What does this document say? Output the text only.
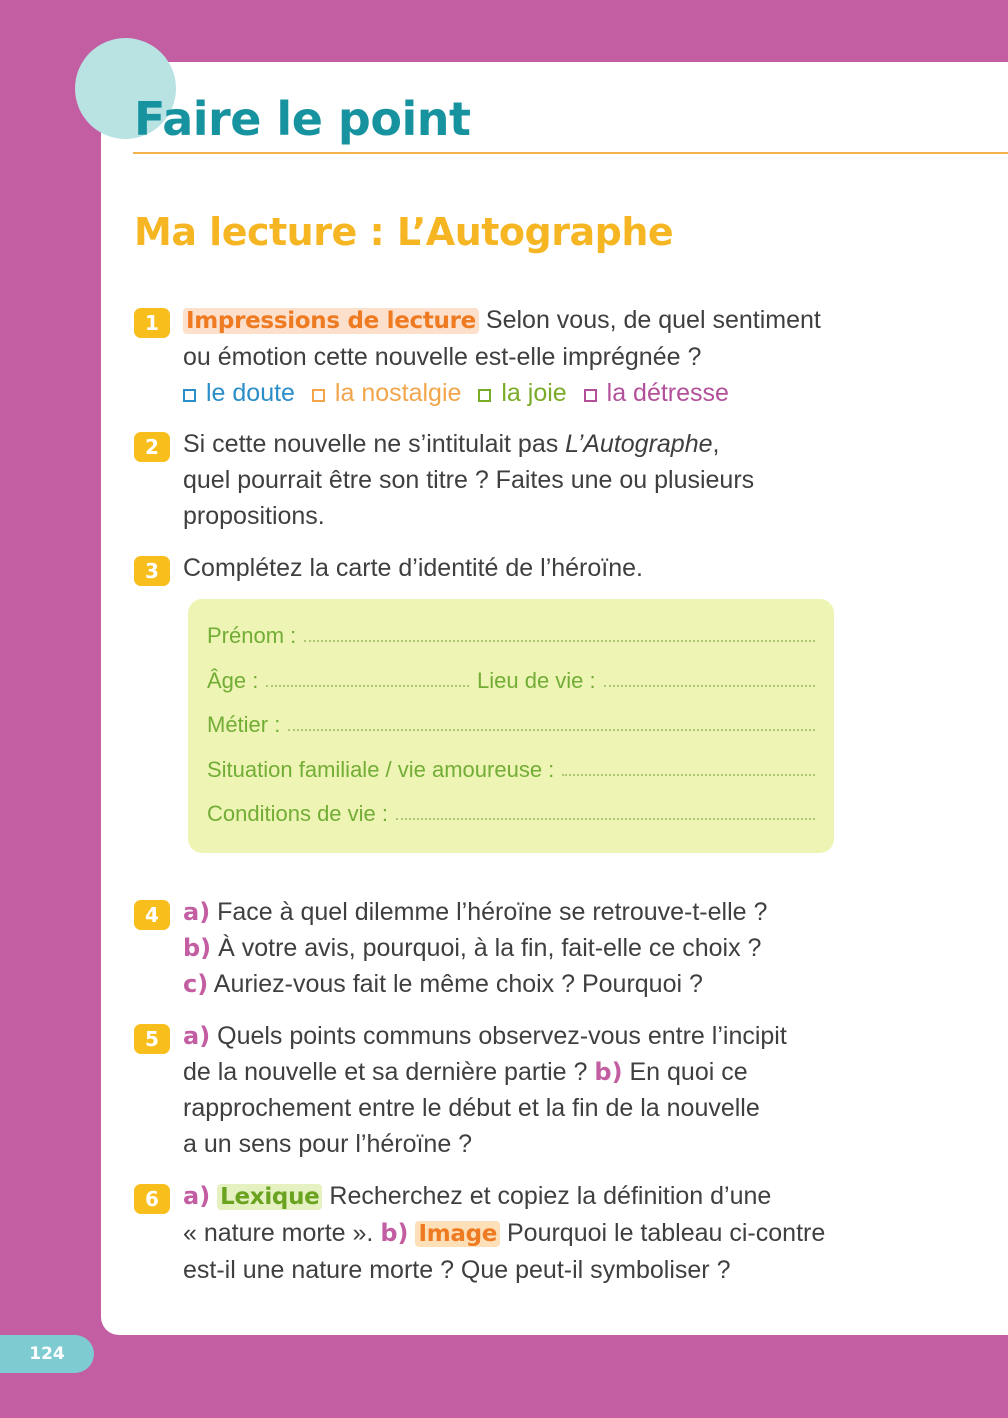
Faire le point
Ma lecture : L’Autographe
1	Impressions de lecture Selon vous, de quel sentiment
ou émotion cette nouvelle est-elle imprégnée ?
le doute la nostalgie la joie la détresse
2 Si cette nouvelle ne s’intitulait pas L’Autographe,
quel pourrait être son titre ? Faites une ou plusieurs
propositions.
3 Complétez la carte d’identité de l’héroïne.
Prénom :
Âge :	Lieu de vie :
Métier :
Situation familiale / vie amoureuse :
Conditions de vie :
4	a) Face à quel dilemme l’héroïne se retrouve-t-elle ?
b) À votre avis, pourquoi, à la fin, fait-elle ce choix ?
c) Auriez-vous fait le même choix ? Pourquoi ?
5	a) Quels points communs observez-vous entre l’incipit
de la nouvelle et sa dernière partie ? b) En quoi ce
rapprochement entre le début et la fin de la nouvelle
a un sens pour l’héroïne ?
6	a) Lexique Recherchez et copiez la définition d’une
« nature morte ». b) Image Pourquoi le tableau ci-contre
est-il une nature morte ? Que peut-il symboliser ?
124
